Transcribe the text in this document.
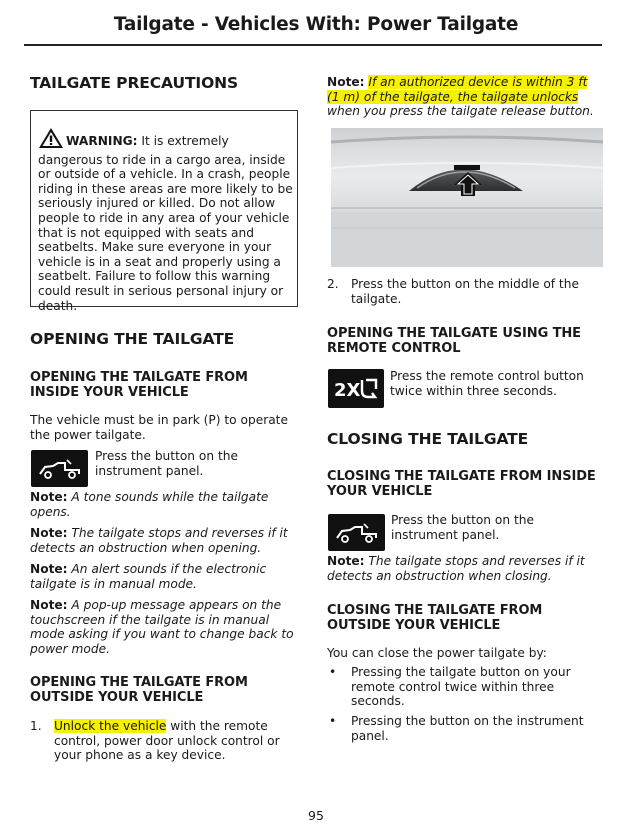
Tailgate - Vehicles With: Power Tailgate
TAILGATE PRECAUTIONS
WARNING: It is extremely dangerous to ride in a cargo area, inside or outside of a vehicle. In a crash, people riding in these areas are more likely to be seriously injured or killed. Do not allow people to ride in any area of your vehicle that is not equipped with seats and seatbelts. Make sure everyone in your vehicle is in a seat and properly using a seatbelt. Failure to follow this warning could result in serious personal injury or death.
OPENING THE TAILGATE
OPENING THE TAILGATE FROM INSIDE YOUR VEHICLE
The vehicle must be in park (P) to operate the power tailgate.
Press the button on the instrument panel.
Note: A tone sounds while the tailgate opens.
Note: The tailgate stops and reverses if it detects an obstruction when opening.
Note: An alert sounds if the electronic tailgate is in manual mode.
Note: A pop-up message appears on the touchscreen if the tailgate is in manual mode asking if you want to change back to power mode.
OPENING THE TAILGATE FROM OUTSIDE YOUR VEHICLE
1. Unlock the vehicle with the remote control, power door unlock control or your phone as a key device.
Note: If an authorized device is within 3 ft (1 m) of the tailgate, the tailgate unlocks when you press the tailgate release button.
2. Press the button on the middle of the tailgate.
OPENING THE TAILGATE USING THE REMOTE CONTROL
2X
Press the remote control button twice within three seconds.
CLOSING THE TAILGATE
CLOSING THE TAILGATE FROM INSIDE YOUR VEHICLE
Press the button on the instrument panel.
Note: The tailgate stops and reverses if it detects an obstruction when closing.
CLOSING THE TAILGATE FROM OUTSIDE YOUR VEHICLE
You can close the power tailgate by:
• Pressing the tailgate button on your remote control twice within three seconds.
• Pressing the button on the instrument panel.
95
